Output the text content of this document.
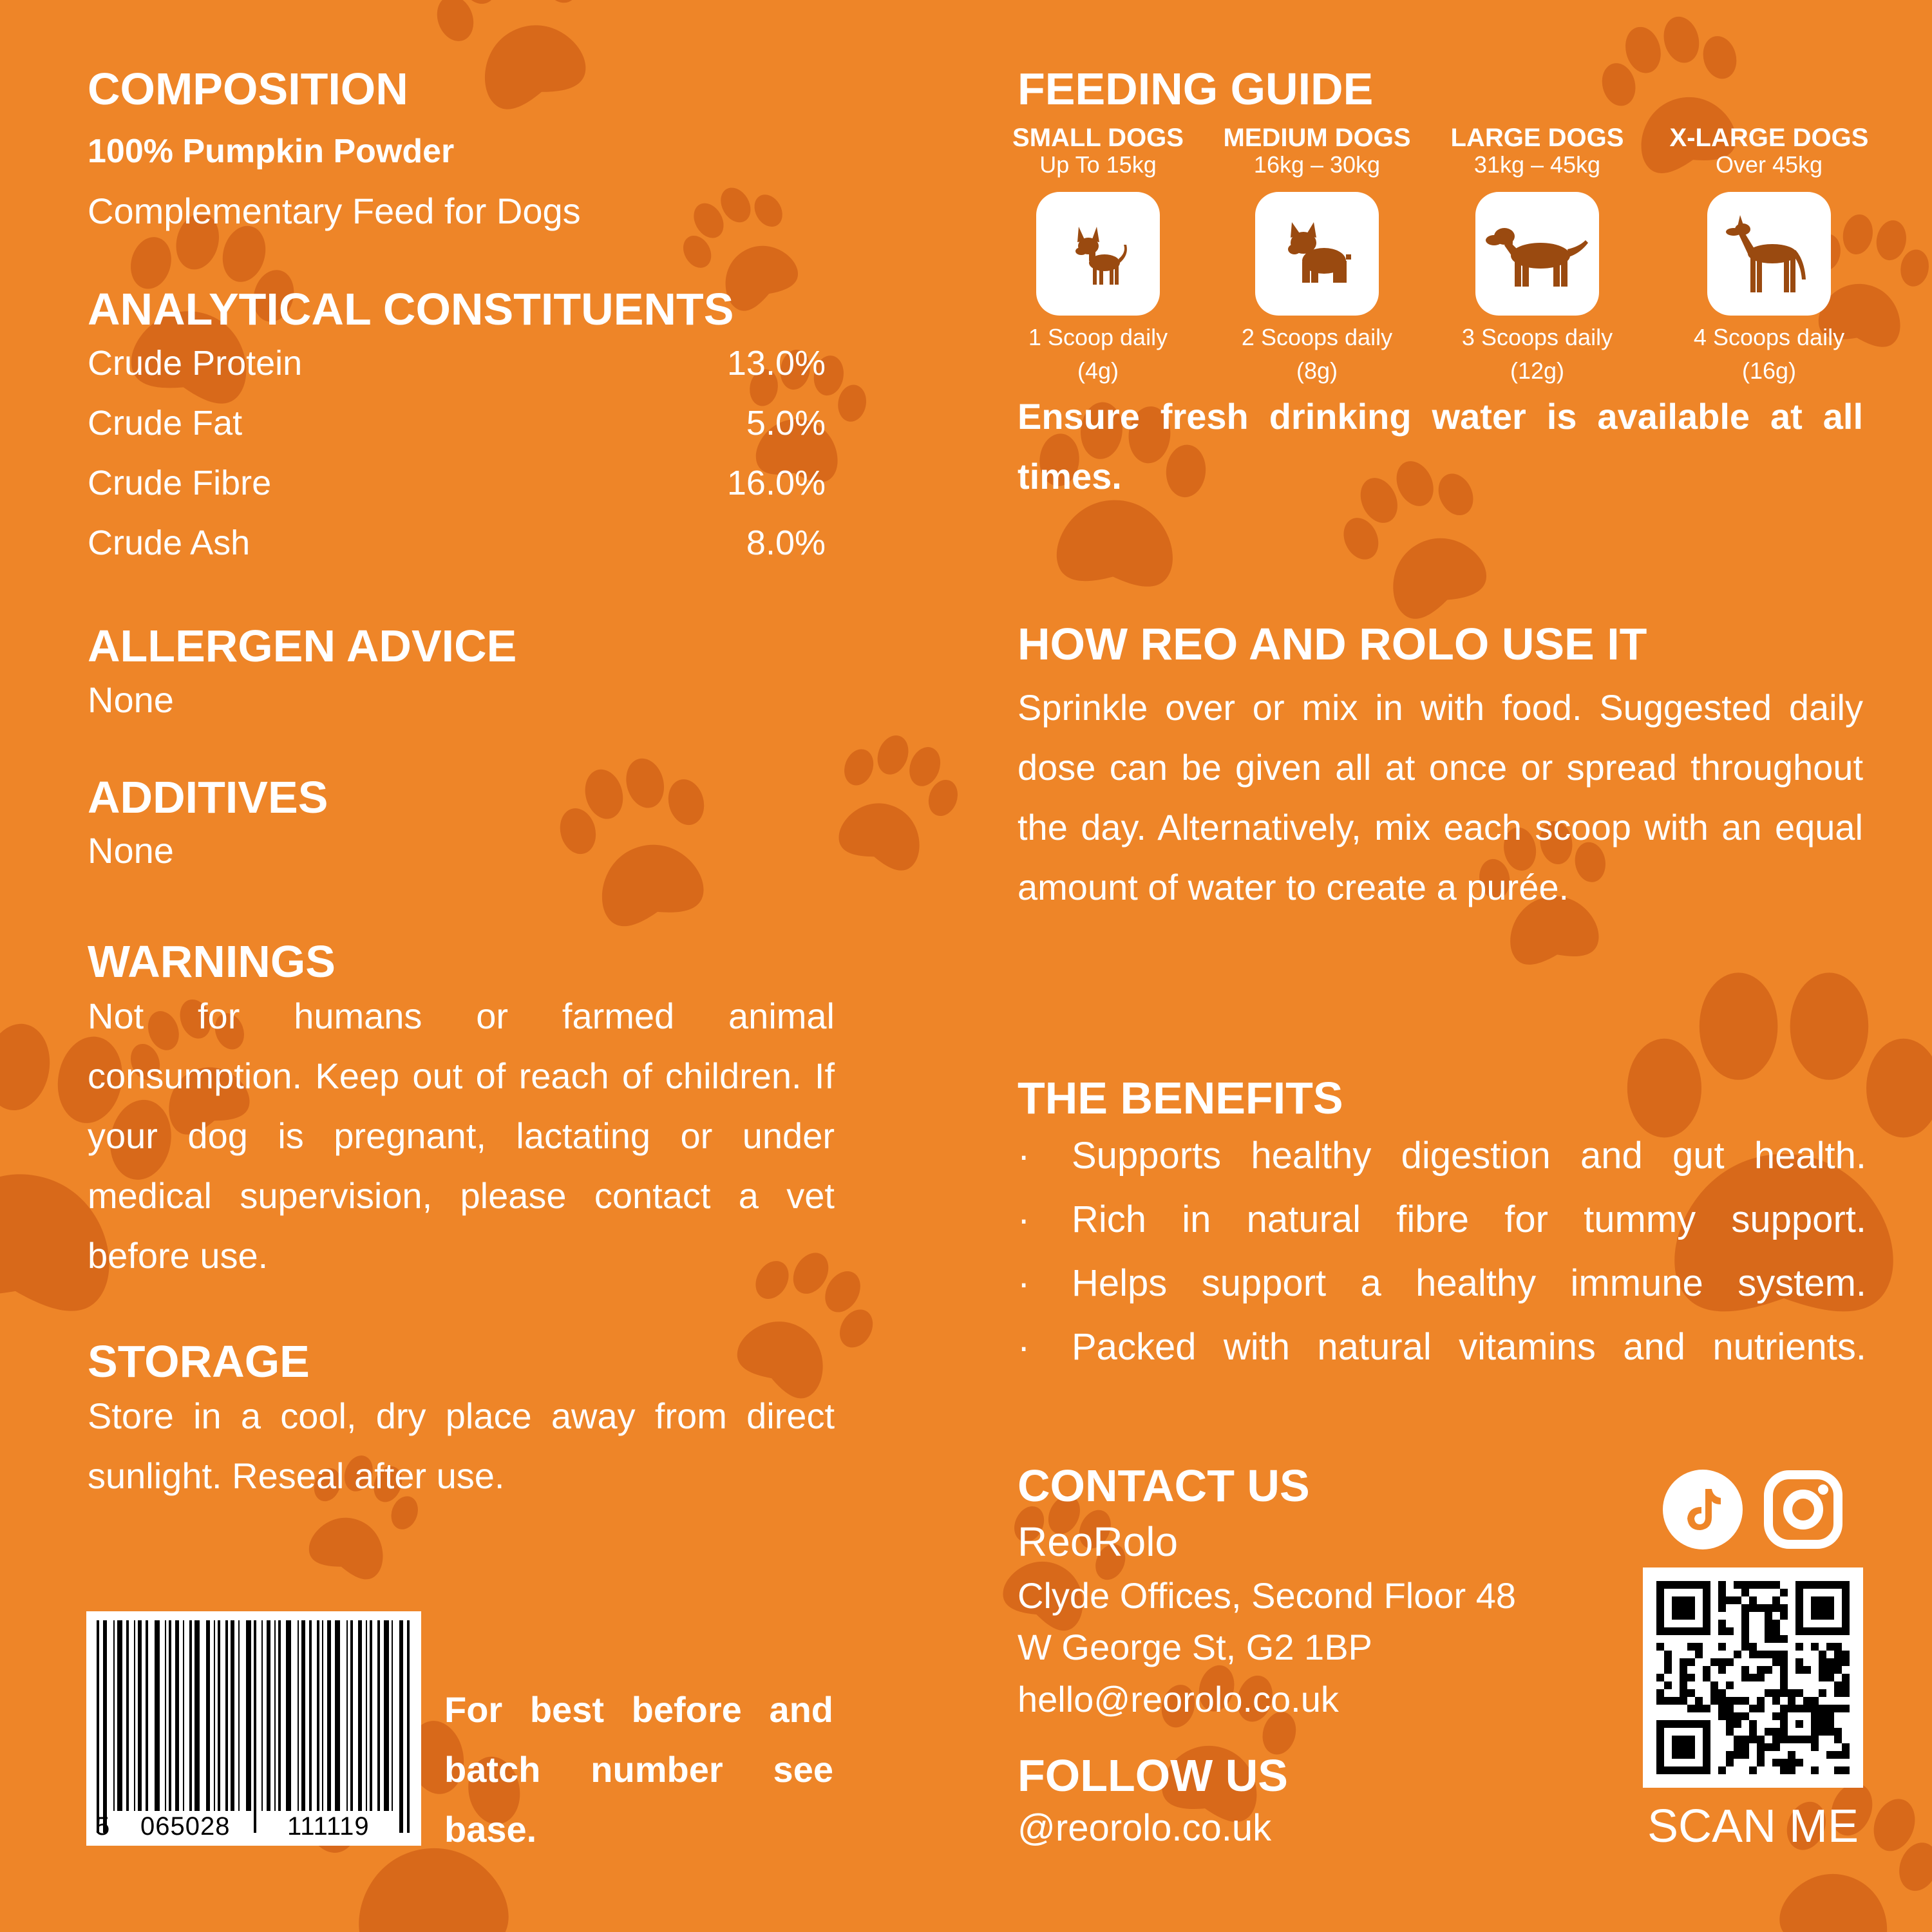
COMPOSITION
100% Pumpkin Powder
Complementary Feed for Dogs
ANALYTICAL CONSTITUENTS
Crude Protein	13.0%
Crude Fat	5.0%
Crude Fibre	16.0%
Crude Ash	8.0%
ALLERGEN ADVICE
None
ADDITIVES
None
WARNINGS
Not for humans or farmed animal consumption. Keep out of reach of children. If your dog is pregnant, lactating or under medical supervision, please contact a vet before use.
STORAGE
Store in a cool, dry place away from direct sunlight. Reseal after use.
5 065028 111119
For best before and batch number see base.
FEEDING GUIDE
SMALL DOGS
Up To 15kg
1 Scoop daily
(4g)
MEDIUM DOGS
16kg – 30kg
2 Scoops daily
(8g)
LARGE DOGS
31kg – 45kg
3 Scoops daily
(12g)
X-LARGE DOGS
Over 45kg
4 Scoops daily
(16g)
Ensure fresh drinking water is available at all times.
HOW REO AND ROLO USE IT
Sprinkle over or mix in with food. Suggested daily dose can be given all at once or spread throughout the day. Alternatively, mix each scoop with an equal amount of water to create a purée.
THE BENEFITS
· Supports healthy digestion and gut health.
· Rich in natural fibre for tummy support.
· Helps support a healthy immune system.
· Packed with natural vitamins and nutrients.
CONTACT US
ReoRolo
Clyde Offices, Second Floor 48
W George St, G2 1BP
hello@reorolo.co.uk
FOLLOW US
@reorolo.co.uk	SCAN ME
